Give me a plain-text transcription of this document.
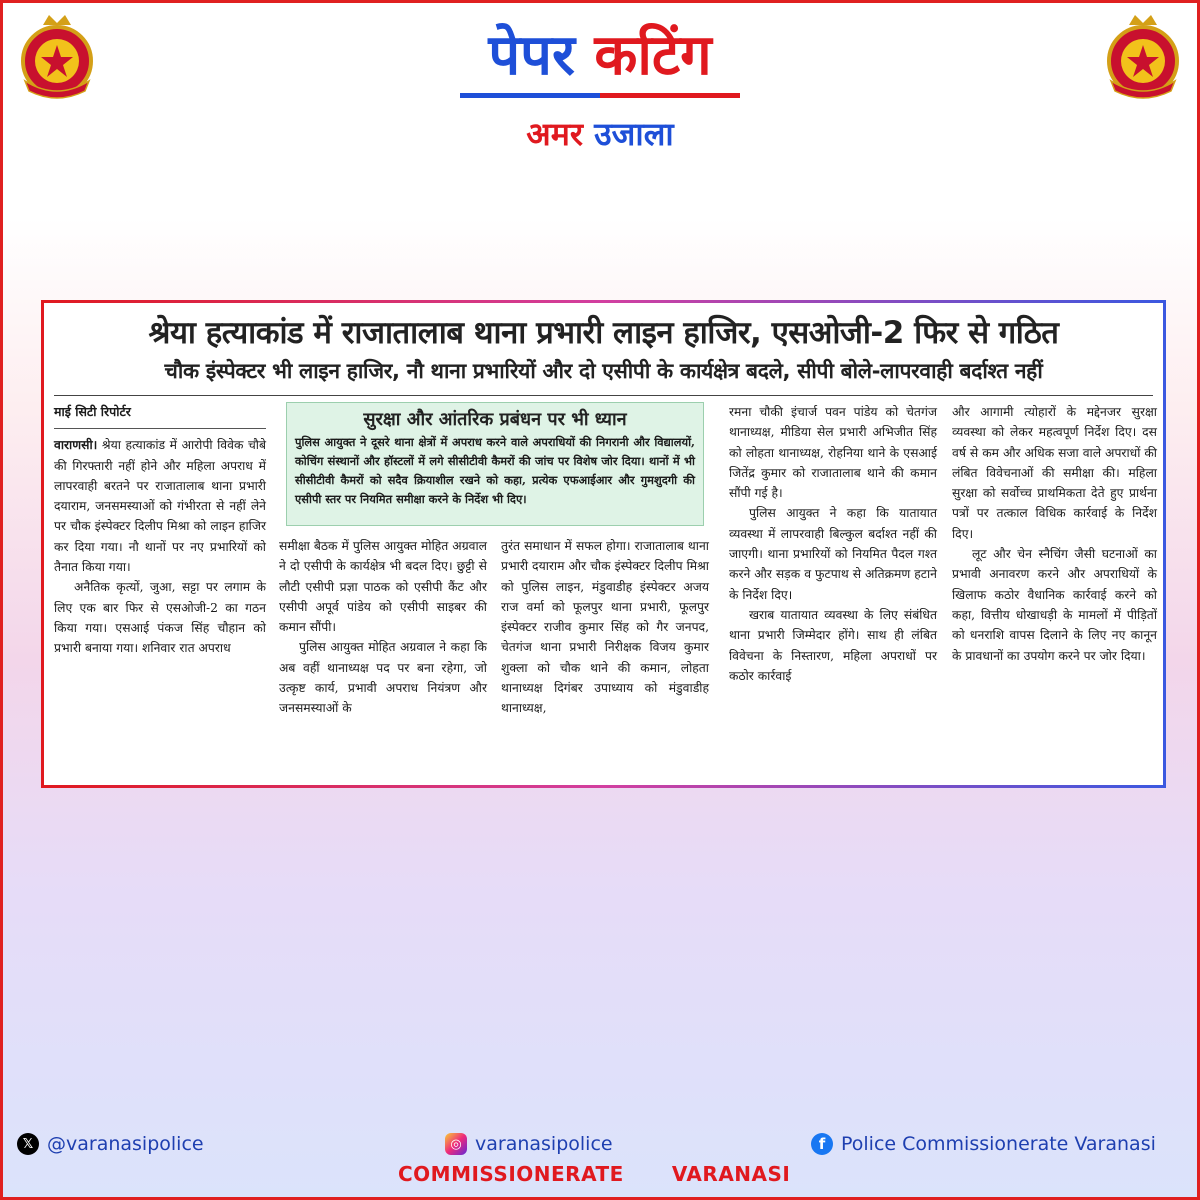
पेपर कटिंग
अमर उजाला
श्रेया हत्याकांड में राजातालाब थाना प्रभारी लाइन हाजिर, एसओजी-2 फिर से गठित
चौक इंस्पेक्टर भी लाइन हाजिर, नौ थाना प्रभारियों और दो एसीपी के कार्यक्षेत्र बदले, सीपी बोले-लापरवाही बर्दाश्त नहीं
माई सिटी रिपोर्टर

वाराणसी। श्रेया हत्याकांड में आरोपी विवेक चौबे की गिरफ्तारी नहीं होने और महिला अपराध में लापरवाही बरतने पर राजातालाब थाना प्रभारी दयाराम, जनसमस्याओं को गंभीरता से नहीं लेने पर चौक इंस्पेक्टर दिलीप मिश्रा को लाइन हाजिर कर दिया गया। नौ थानों पर नए प्रभारियों को तैनात किया गया।

अनैतिक कृत्यों, जुआ, सट्टा पर लगाम के लिए एक बार फिर से एसओजी-2 का गठन किया गया। एसआई पंकज सिंह चौहान को प्रभारी बनाया गया। शनिवार रात अपराध

सुरक्षा और आंतरिक प्रबंधन पर भी ध्यान
पुलिस आयुक्त ने दूसरे थाना क्षेत्रों में अपराध करने वाले अपराधियों की निगरानी और विद्यालयों, कोचिंग संस्थानों और हॉस्टलों में लगे सीसीटीवी कैमरों की जांच पर विशेष जोर दिया। थानों में भी सीसीटीवी कैमरों को सदैव क्रियाशील रखने को कहा, प्रत्येक एफआईआर और गुमशुदगी की एसीपी स्तर पर नियमित समीक्षा करने के निर्देश भी दिए।

समीक्षा बैठक में पुलिस आयुक्त मोहित अग्रवाल ने दो एसीपी के कार्यक्षेत्र भी बदल दिए। छुट्टी से लौटी एसीपी प्रज्ञा पाठक को एसीपी कैंट और एसीपी अपूर्व पांडेय को एसीपी साइबर की कमान सौंपी।

पुलिस आयुक्त मोहित अग्रवाल ने कहा कि अब वहीं थानाध्यक्ष पद पर बना रहेगा, जो उत्कृष्ट कार्य, प्रभावी अपराध नियंत्रण और जनसमस्याओं के

तुरंत समाधान में सफल होगा। राजातालाब थाना प्रभारी दयाराम और चौक इंस्पेक्टर दिलीप मिश्रा को पुलिस लाइन, मंडुवाडीह इंस्पेक्टर अजय राज वर्मा को फूलपुर थाना प्रभारी, फूलपुर इंस्पेक्टर राजीव कुमार सिंह को गैर जनपद, चेतगंज थाना प्रभारी निरीक्षक विजय कुमार शुक्ला को चौक थाने की कमान, लोहता थानाध्यक्ष दिगंबर उपाध्याय को मंडुवाडीह थानाध्यक्ष,

रमना चौकी इंचार्ज पवन पांडेय को चेतगंज थानाध्यक्ष, मीडिया सेल प्रभारी अभिजीत सिंह को लोहता थानाध्यक्ष, रोहनिया थाने के एसआई जितेंद्र कुमार को राजातालाब थाने की कमान सौंपी गई है।

पुलिस आयुक्त ने कहा कि यातायात व्यवस्था में लापरवाही बिल्कुल बर्दाश्त नहीं की जाएगी। थाना प्रभारियों को नियमित पैदल गश्त करने और सड़क व फुटपाथ से अतिक्रमण हटाने के निर्देश दिए।

खराब यातायात व्यवस्था के लिए संबंधित थाना प्रभारी जिम्मेदार होंगे। साथ ही लंबित विवेचना के निस्तारण, महिला अपराधों पर कठोर कार्रवाई

और आगामी त्योहारों के मद्देनजर सुरक्षा व्यवस्था को लेकर महत्वपूर्ण निर्देश दिए। दस वर्ष से कम और अधिक सजा वाले अपराधों की लंबित विवेचनाओं की समीक्षा की। महिला सुरक्षा को सर्वोच्च प्राथमिकता देते हुए प्रार्थना पत्रों पर तत्काल विधिक कार्रवाई के निर्देश दिए।

लूट और चेन स्नैचिंग जैसी घटनाओं का प्रभावी अनावरण करने और अपराधियों के खिलाफ कठोर वैधानिक कार्रवाई करने को कहा, वित्तीय धोखाधड़ी के मामलों में पीड़ितों को धनराशि वापस दिलाने के लिए नए कानून के प्रावधानों का उपयोग करने पर जोर दिया।

𝕏 @varanasipolice	◎ varanasipolice	f Police Commissionerate Varanasi
COMMISSIONERATE VARANASI
